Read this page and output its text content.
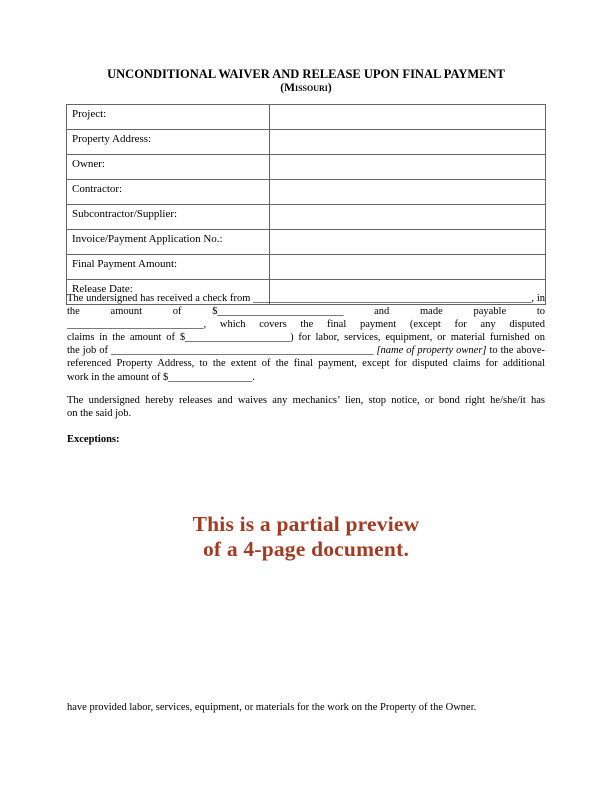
UNCONDITIONAL WAIVER AND RELEASE UPON FINAL PAYMENT
(Missouri)
Project:	
Property Address:	
Owner:	
Contractor:	
Subcontractor/Supplier:	
Invoice/Payment Application No.:	
Final Payment Amount:	
Release Date:	
The undersigned has received a check from _____________________________________________________, in
the amount of $________________________ and made payable to
__________________________, which covers the final payment (except for any disputed
claims in the amount of $____________________) for labor, services, equipment, or material furnished on
the job of __________________________________________________ [name of property owner] to the above-
referenced Property Address, to the extent of the final payment, except for disputed claims for additional
work in the amount of $________________.
The undersigned hereby releases and waives any mechanics’ lien, stop notice, or bond right he/she/it has
on the said job.
Exceptions:
This is a partial preview
of a 4-page document.
have provided labor, services, equipment, or materials for the work on the Property of the Owner.
